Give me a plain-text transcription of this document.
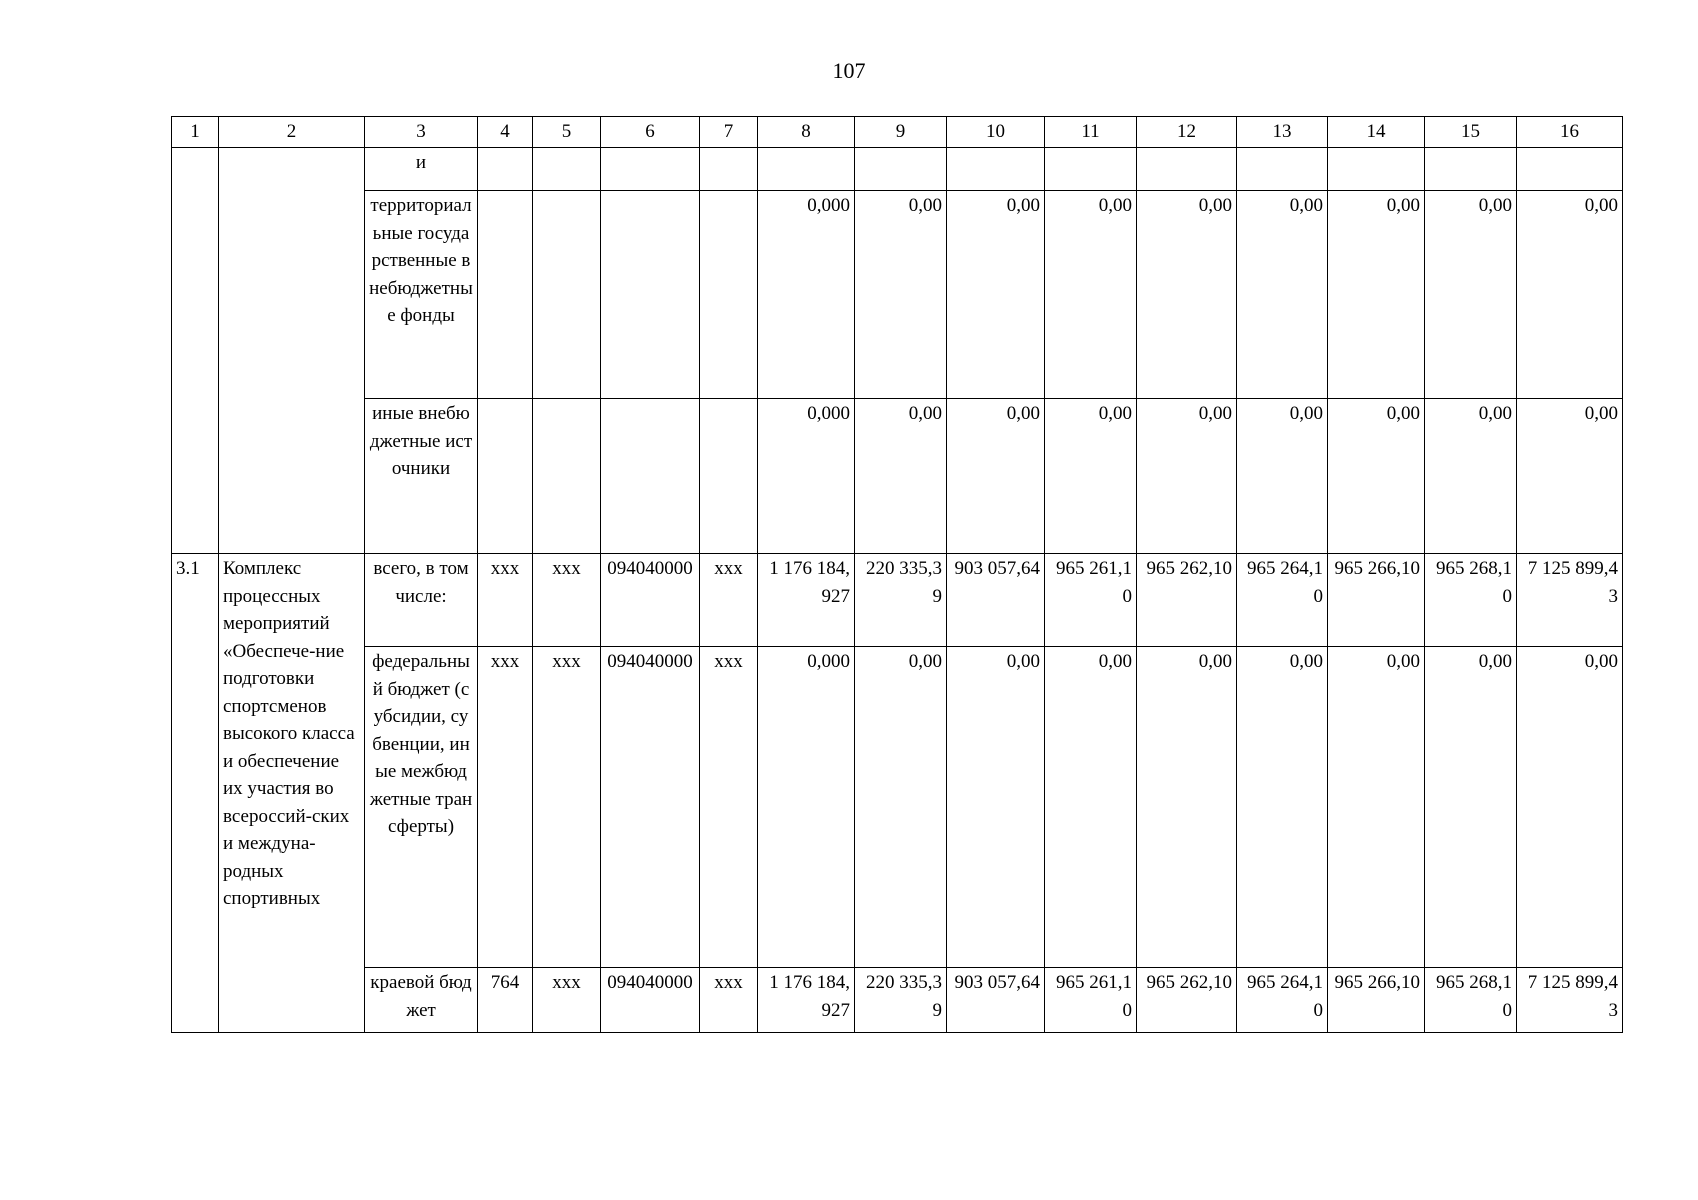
107
1	2	3	4	5	6	7	8	9	10	11	12	13	14	15	16
		и													
		территориальные государственные внебюджетные фонды					0,000	0,00	0,00	0,00	0,00	0,00	0,00	0,00	0,00
		иные внебюджетные источники					0,000	0,00	0,00	0,00	0,00	0,00	0,00	0,00	0,00
3.1	Комплекс процессных мероприятий «Обеспече-ние подготовки спортсменов высокого класса и обеспечение их участия во всероссий-ских и междуна-родных спортивных	всего, в том числе:	xxx	xxx	094040000	xxx	1 176 184,927	220 335,39	903 057,64	965 261,10	965 262,10	965 264,10	965 266,10	965 268,10	7 125 899,43
		федеральный бюджет (субсидии, субвенции, иные межбюджетные трансферты)	xxx	xxx	094040000	xxx	0,000	0,00	0,00	0,00	0,00	0,00	0,00	0,00	0,00
		краевой бюджет	764	xxx	094040000	xxx	1 176 184,927	220 335,39	903 057,64	965 261,10	965 262,10	965 264,10	965 266,10	965 268,10	7 125 899,43
